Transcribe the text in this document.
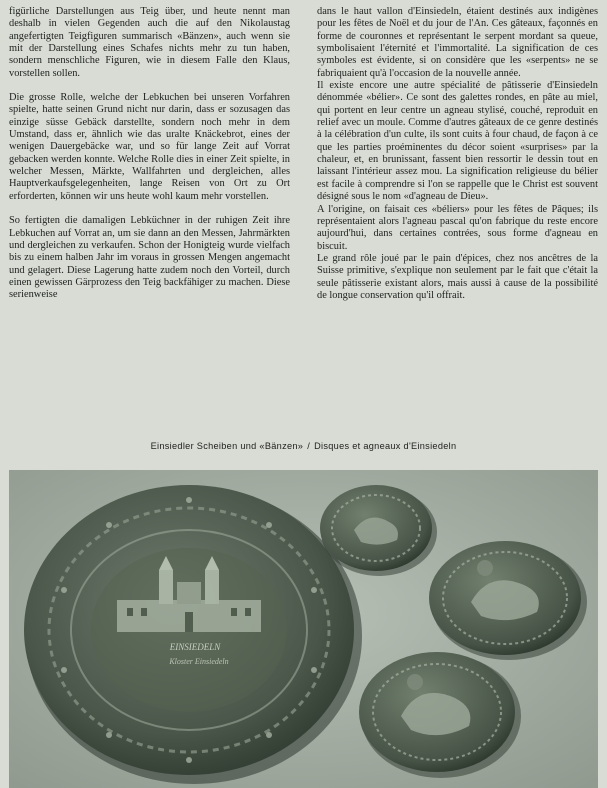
figürliche Darstellungen aus Teig über, und heute nennt man deshalb in vielen Gegenden auch die auf den Nikolaustag angefertigten Teigfiguren summarisch «Bänzen», auch wenn sie mit der Darstellung eines Schafes nichts mehr zu tun haben, sondern menschliche Figuren, wie in diesem Falle den Klaus, vorstellen sollen.

Die grosse Rolle, welche der Lebkuchen bei unseren Vorfahren spielte, hatte seinen Grund nicht nur darin, dass er sozusagen das einzige süsse Gebäck darstellte, sondern noch mehr in dem Umstand, dass er, ähnlich wie das uralte Knäckebrot, eines der wenigen Dauergebäcke war, und so für lange Zeit auf Vorrat gebacken werden konnte. Welche Rolle dies in einer Zeit spielte, in welcher Messen, Märkte, Wallfahrten und dergleichen, alles Hauptverkaufsgelegenheiten, lange Reisen von Ort zu Ort erforderten, können wir uns heute wohl kaum mehr vorstellen.

So fertigten die damaligen Lebküchner in der ruhigen Zeit ihre Lebkuchen auf Vorrat an, um sie dann an den Messen, Jahrmärkten und dergleichen zu verkaufen. Schon der Honigteig wurde vielfach bis zu einem halben Jahr im voraus in grossen Mengen angemacht und gelagert. Diese Lagerung hatte zudem noch den Vorteil, durch einen gewissen Gärprozess den Teig backfähiger zu machen. Diese serienweise

dans le haut vallon d'Einsiedeln, étaient destinés aux indigènes pour les fêtes de Noël et du jour de l'An. Ces gâteaux, façonnés en forme de couronnes et représentant le serpent mordant sa queue, symbolisaient l'éternité et l'immortalité. La signification de ces symboles est évidente, si on considère que les «serpents» ne se fabriquaient qu'à l'occasion de la nouvelle année.

Il existe encore une autre spécialité de pâtisserie d'Einsiedeln dénommée «bélier». Ce sont des galettes rondes, en pâte au miel, qui portent en leur centre un agneau stylisé, couché, reproduit en relief avec un moule. Comme d'autres gâteaux de ce genre destinés à la célébration d'un culte, ils sont cuits à four chaud, de façon à ce que les parties proéminentes du décor soient «surprises» par la chaleur, et, en brunissant, fassent bien ressortir le dessin tout en laissant l'intérieur assez mou. La signification religieuse du bélier est facile à comprendre si l'on se rappelle que le Christ est souvent désigné sous le nom «d'agneau de Dieu».

A l'origine, on faisait ces «béliers» pour les fêtes de Pâques; ils représentaient alors l'agneau pascal qu'on fabrique du reste encore aujourd'hui, dans certaines contrées, sous forme d'agneau en biscuit.

Le grand rôle joué par le pain d'épices, chez nos ancêtres de la Suisse primitive, s'explique non seulement par le fait que c'était la seule pâtisserie existant alors, mais aussi à cause de la possibilité de longue conservation qu'il offrait.

Einsiedler Scheiben und «Bänzen» / Disques et agneaux d'Einsiedeln
EINSIEDELN
Kloster Einsiedeln
